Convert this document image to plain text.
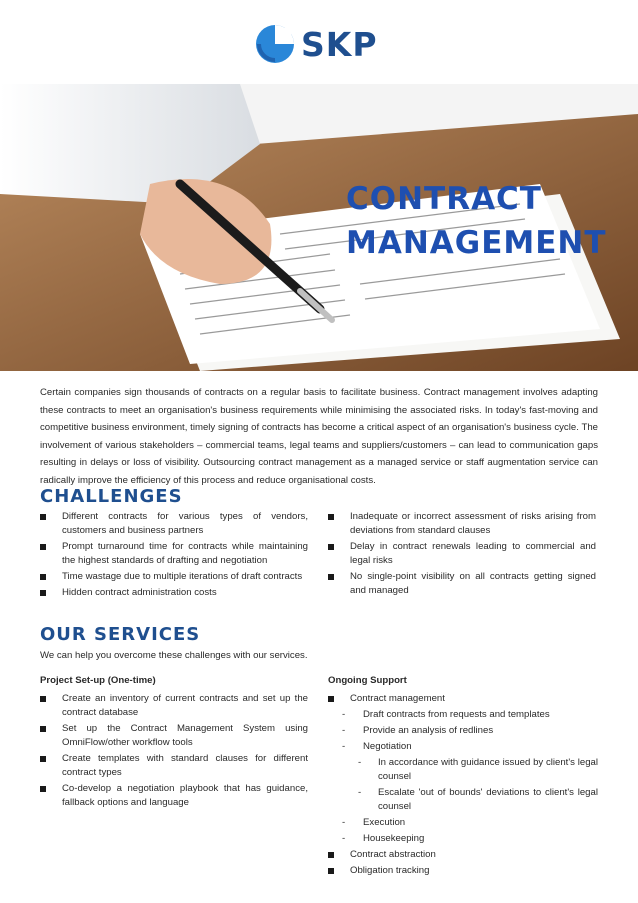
SKP
CONTRACT
MANAGEMENT

Certain companies sign thousands of contracts on a regular basis to facilitate business. Contract management involves adapting these contracts to meet an organisation's business requirements while minimising the associated risks. In today's fast-moving and competitive business environment, timely signing of contracts has become a critical aspect of an organisation's business cycle. The involvement of various stakeholders – commercial teams, legal teams and suppliers/customers – can lead to communication gaps resulting in delays or loss of visibility. Outsourcing contract management as a managed service or staff augmentation service can radically improve the efficiency of this process and reduce organisational costs.

CHALLENGES
Different contracts for various types of vendors, customers and business partners
Prompt turnaround time for contracts while maintaining the highest standards of drafting and negotiation
Time wastage due to multiple iterations of draft contracts
Hidden contract administration costs
Inadequate or incorrect assessment of risks arising from deviations from standard clauses
Delay in contract renewals leading to commercial and legal risks
No single-point visibility on all contracts getting signed and managed
OUR SERVICES
We can help you overcome these challenges with our services.
Project Set-up (One-time)
Create an inventory of current contracts and set up the contract database
Set up the Contract Management System using OmniFlow/other workflow tools
Create templates with standard clauses for different contract types
Co-develop a negotiation playbook that has guidance, fallback options and language
Ongoing Support
Contract management
- Draft contracts from requests and templates
- Provide an analysis of redlines
- Negotiation
- In accordance with guidance issued by client's legal counsel
- Escalate 'out of bounds' deviations to client's legal counsel
- Execution
- Housekeeping
Contract abstraction
Obligation tracking
